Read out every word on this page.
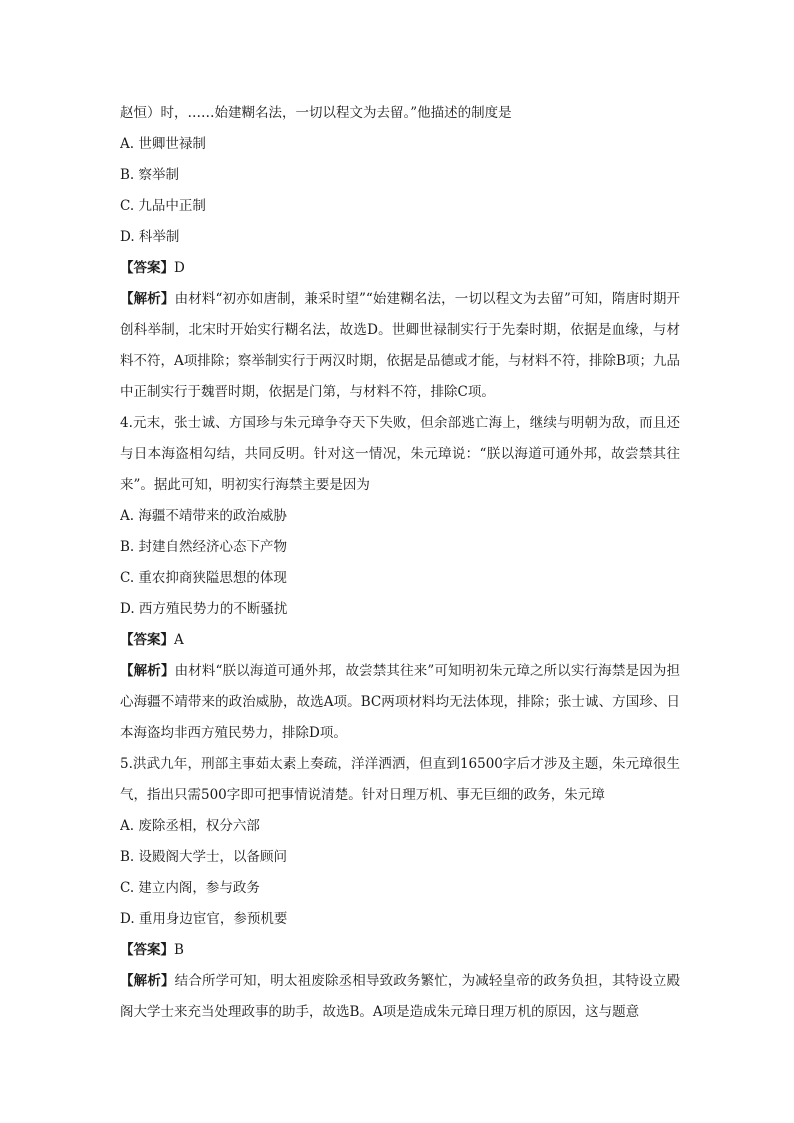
赵恒）时，……始建糊名法，一切以程文为去留。”他描述的制度是
A. 世卿世禄制
B. 察举制
C. 九品中正制
D. 科举制
【答案】D
【解析】由材料“初亦如唐制，兼采时望”“始建糊名法，一切以程文为去留”可知，隋唐时期开创科举制，北宋时开始实行糊名法，故选D。世卿世禄制实行于先秦时期，依据是血缘，与材料不符，A项排除；察举制实行于两汉时期，依据是品德或才能，与材料不符，排除B项；九品中正制实行于魏晋时期，依据是门第，与材料不符，排除C项。
4.元末，张士诚、方国珍与朱元璋争夺天下失败，但余部逃亡海上，继续与明朝为敌，而且还与日本海盗相勾结，共同反明。针对这一情况，朱元璋说：“朕以海道可通外邦，故尝禁其往来”。据此可知，明初实行海禁主要是因为
A. 海疆不靖带来的政治威胁
B. 封建自然经济心态下产物
C. 重农抑商狭隘思想的体现
D. 西方殖民势力的不断骚扰
【答案】A
【解析】由材料“朕以海道可通外邦，故尝禁其往来”可知明初朱元璋之所以实行海禁是因为担心海疆不靖带来的政治威胁，故选A项。BC两项材料均无法体现，排除；张士诚、方国珍、日本海盗均非西方殖民势力，排除D项。
5.洪武九年，刑部主事茹太素上奏疏，洋洋洒洒，但直到16500字后才涉及主题，朱元璋很生气，指出只需500字即可把事情说清楚。针对日理万机、事无巨细的政务，朱元璋
A. 废除丞相，权分六部
B. 设殿阁大学士，以备顾问
C. 建立内阁，参与政务
D. 重用身边宦官，参预机要
【答案】B
【解析】结合所学可知，明太祖废除丞相导致政务繁忙，为减轻皇帝的政务负担，其特设立殿阁大学士来充当处理政事的助手，故选B。A项是造成朱元璋日理万机的原因，这与题意
